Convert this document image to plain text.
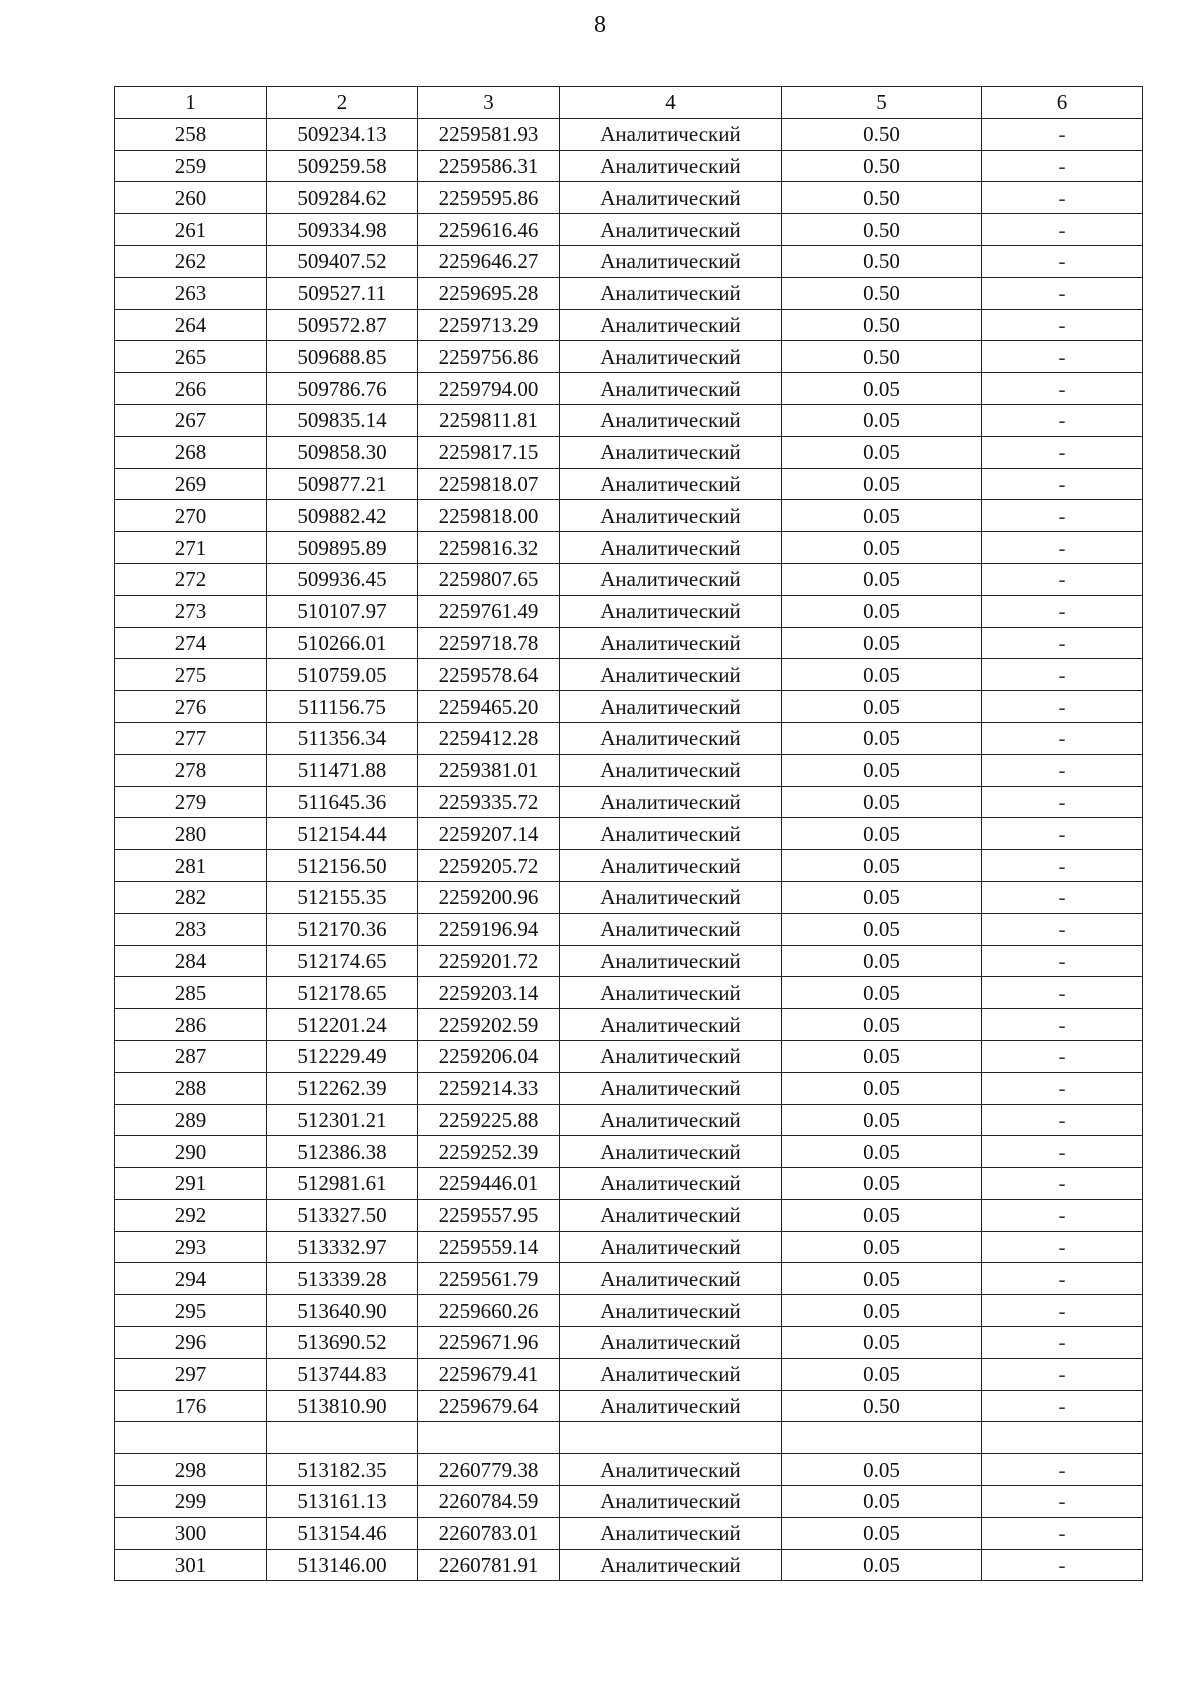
8
1	2	3	4	5	6
258	509234.13	2259581.93	Аналитический	0.50	-
259	509259.58	2259586.31	Аналитический	0.50	-
260	509284.62	2259595.86	Аналитический	0.50	-
261	509334.98	2259616.46	Аналитический	0.50	-
262	509407.52	2259646.27	Аналитический	0.50	-
263	509527.11	2259695.28	Аналитический	0.50	-
264	509572.87	2259713.29	Аналитический	0.50	-
265	509688.85	2259756.86	Аналитический	0.50	-
266	509786.76	2259794.00	Аналитический	0.05	-
267	509835.14	2259811.81	Аналитический	0.05	-
268	509858.30	2259817.15	Аналитический	0.05	-
269	509877.21	2259818.07	Аналитический	0.05	-
270	509882.42	2259818.00	Аналитический	0.05	-
271	509895.89	2259816.32	Аналитический	0.05	-
272	509936.45	2259807.65	Аналитический	0.05	-
273	510107.97	2259761.49	Аналитический	0.05	-
274	510266.01	2259718.78	Аналитический	0.05	-
275	510759.05	2259578.64	Аналитический	0.05	-
276	511156.75	2259465.20	Аналитический	0.05	-
277	511356.34	2259412.28	Аналитический	0.05	-
278	511471.88	2259381.01	Аналитический	0.05	-
279	511645.36	2259335.72	Аналитический	0.05	-
280	512154.44	2259207.14	Аналитический	0.05	-
281	512156.50	2259205.72	Аналитический	0.05	-
282	512155.35	2259200.96	Аналитический	0.05	-
283	512170.36	2259196.94	Аналитический	0.05	-
284	512174.65	2259201.72	Аналитический	0.05	-
285	512178.65	2259203.14	Аналитический	0.05	-
286	512201.24	2259202.59	Аналитический	0.05	-
287	512229.49	2259206.04	Аналитический	0.05	-
288	512262.39	2259214.33	Аналитический	0.05	-
289	512301.21	2259225.88	Аналитический	0.05	-
290	512386.38	2259252.39	Аналитический	0.05	-
291	512981.61	2259446.01	Аналитический	0.05	-
292	513327.50	2259557.95	Аналитический	0.05	-
293	513332.97	2259559.14	Аналитический	0.05	-
294	513339.28	2259561.79	Аналитический	0.05	-
295	513640.90	2259660.26	Аналитический	0.05	-
296	513690.52	2259671.96	Аналитический	0.05	-
297	513744.83	2259679.41	Аналитический	0.05	-
176	513810.90	2259679.64	Аналитический	0.50	-

298	513182.35	2260779.38	Аналитический	0.05	-
299	513161.13	2260784.59	Аналитический	0.05	-
300	513154.46	2260783.01	Аналитический	0.05	-
301	513146.00	2260781.91	Аналитический	0.05	-
